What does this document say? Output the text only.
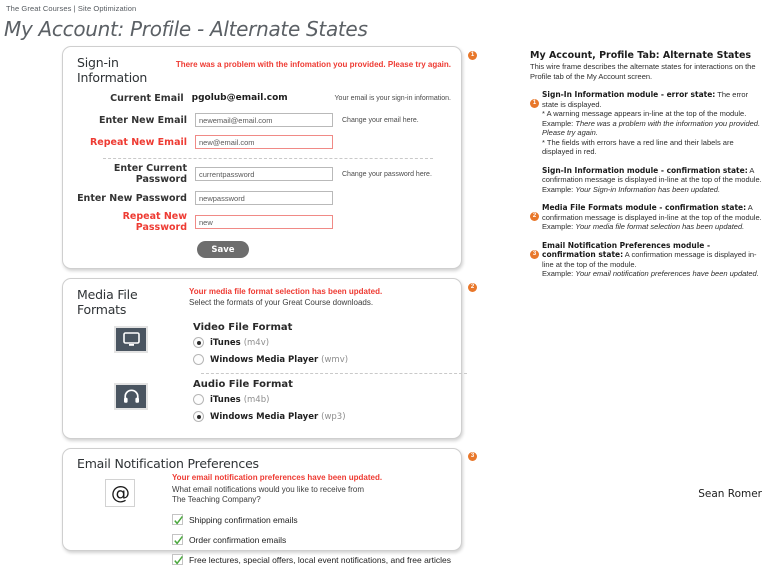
The Great Courses | Site Optimization
My Account: Profile - Alternate States
1
Sign-in Information
There was a problem with the infomation you provided. Please try again.
Current Email pgolub@email.com	Your email is your sign-in information.
Enter New Email	newemail@email.com	Change your email here.
Repeat New Email	new@email.com
Enter Current Password	currentpassword	Change your password here.
Enter New Password	newpassword
Repeat New Password	new
Save
2
Media File Formats
Your media file format selection has been updated.
Select the formats of your Great Course downloads.
Video File Format
iTunes (m4v)
Windows Media Player (wmv)
Audio File Format
iTunes (m4b)
Windows Media Player (wp3)
3
Email Notification Preferences
@
Your email notification preferences have been updated.
What email notifications would you like to receive from
The Teaching Company?
Shipping confirmation emails
Order confirmation emails
Free lectures, special offers, local event notifications, and free articles
My Account, Profile Tab: Alternate States
This wire frame describes the alternate states for interactions on the Profile tab of the My Account screen.
1
Sign-In Information module - error state: The error state is displayed.
* A warning message appears in-line at the top of the module. Example: There was a problem with the information you provided. Please try again.
* The fields with errors have a red line and their labels are displayed in red.
Sign-In Information module - confirmation state: A confirmation message is displayed in-line at the top of the module.
Example: Your Sign-in Information has been updated.
2
Media File Formats module - confirmation state: A confirmation message is displayed in-line at the top of the module.
Example: Your media file format selection has been updated.
3
Email Notification Preferences module - confirmation state: A confirmation message is displayed in-line at the top of the module.
Example: Your email notification preferences have been updated.
Sean Romer
